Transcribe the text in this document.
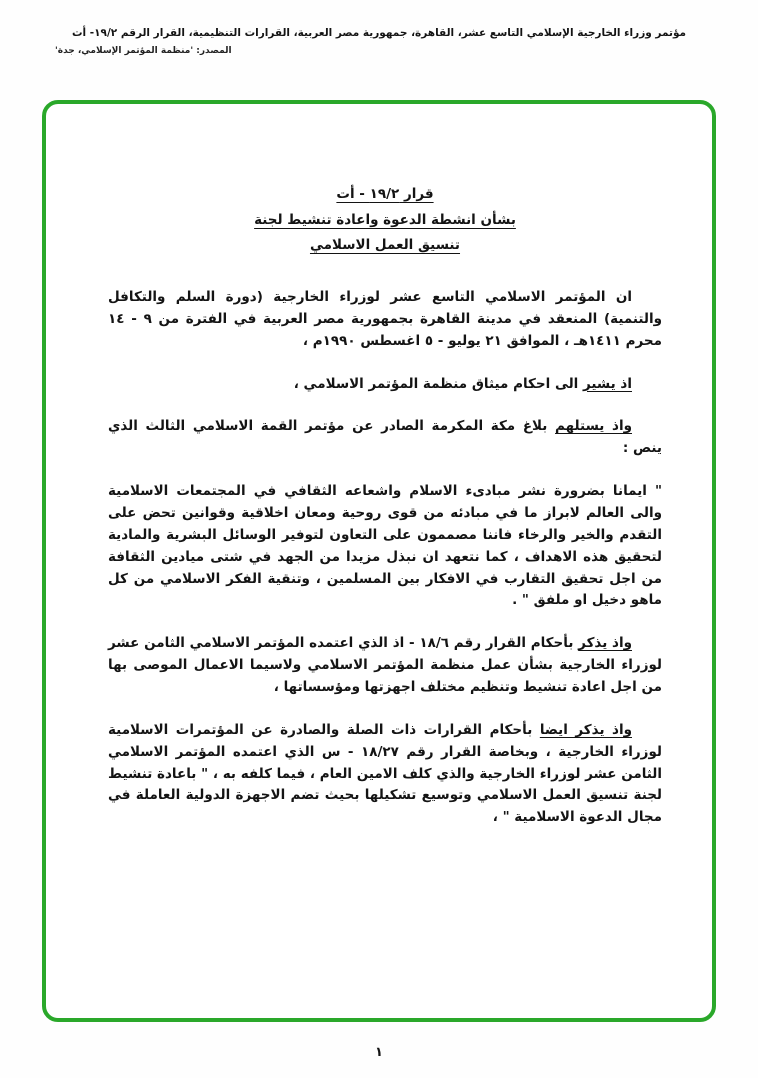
مؤتمر وزراء الخارجية الإسلامي التاسع عشر، القاهرة، جمهورية مصر العربية، القرارات التنظيمية، القرار الرقم ١٩/٢- أت
المصدر: 'منظمة المؤتمر الإسلامي، جدة'
قرار ١٩/٢ - أت
بشأن انشطة الدعوة واعادة تنشيط لجنة
تنسيق العمل الاسلامي

ان المؤتمر الاسلامي التاسع عشر لوزراء الخارجية (دورة السلم والتكافل والتنمية) المنعقد في مدينة القاهرة بجمهورية مصر العربية في الفترة من ٩ - ١٤ محرم ١٤١١هـ ، الموافق ٢١ يوليو - ٥ اغسطس ١٩٩٠م ،

اذ يشير الى احكام ميثاق منظمة المؤتمر الاسلامي ،

واذ يستلهم بلاغ مكة المكرمة الصادر عن مؤتمر القمة الاسلامي الثالث الذي ينص :

" ايمانا بضرورة نشر مبادىء الاسلام واشعاعه الثقافي في المجتمعات الاسلامية والى العالم لابراز ما في مبادئه من قوى روحية ومعان اخلاقية وقوانين تحض على التقدم والخير والرخاء فاننا مصممون على التعاون لتوفير الوسائل البشرية والمادية لتحقيق هذه الاهداف ، كما نتعهد ان نبذل مزيدا من الجهد في شتى ميادين الثقافة من اجل تحقيق التقارب في الافكار بين المسلمين ، وتنقية الفكر الاسلامي من كل ماهو دخيل او ملفق " .

واذ يذكر بأحكام القرار رقم ١٨/٦ - اذ الذي اعتمده المؤتمر الاسلامي الثامن عشر لوزراء الخارجية بشأن عمل منظمة المؤتمر الاسلامي ولاسيما الاعمال الموصى بها من اجل اعادة تنشيط وتنظيم مختلف اجهزتها ومؤسساتها ،

واذ يذكر ايضا بأحكام القرارات ذات الصلة والصادرة عن المؤتمرات الاسلامية لوزراء الخارجية ، وبخاصة القرار رقم ١٨/٢٧ - س الذي اعتمده المؤتمر الاسلامي الثامن عشر لوزراء الخارجية والذي كلف الامين العام ، فيما كلفه به ، " باعادة تنشيط لجنة تنسيق العمل الاسلامي وتوسيع تشكيلها بحيث تضم الاجهزة الدولية العاملة في مجال الدعوة الاسلامية " ،

١
